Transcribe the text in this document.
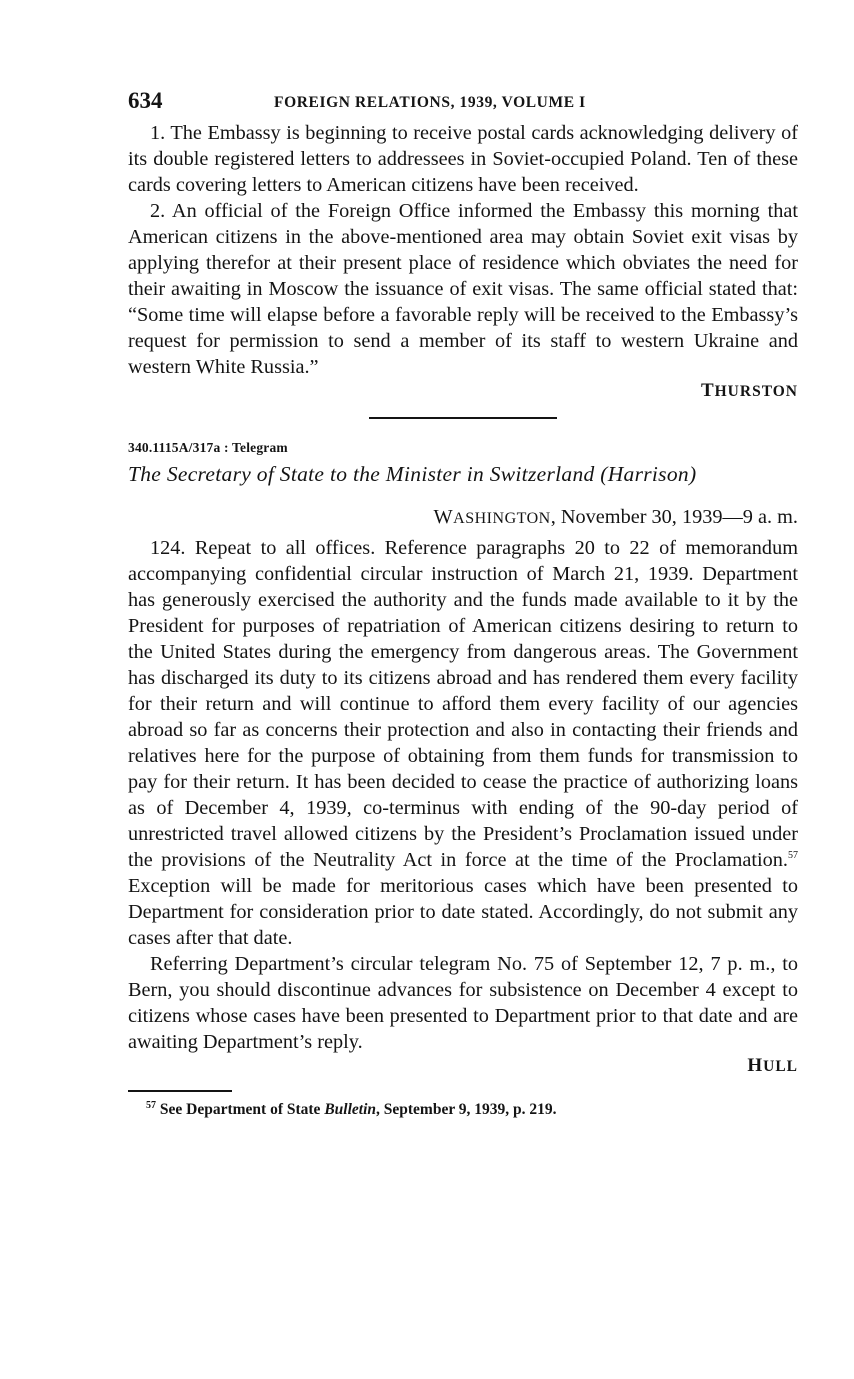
634	FOREIGN RELATIONS, 1939, VOLUME I

1. The Embassy is beginning to receive postal cards acknowledging delivery of its double registered letters to addressees in Soviet-occupied Poland. Ten of these cards covering letters to American citizens have been received.

2. An official of the Foreign Office informed the Embassy this morning that American citizens in the above-mentioned area may obtain Soviet exit visas by applying therefor at their present place of residence which obviates the need for their awaiting in Moscow the issuance of exit visas. The same official stated that: “Some time will elapse before a favorable reply will be received to the Embassy’s request for permission to send a member of its staff to western Ukraine and western White Russia.”

THURSTON

340.1115A/317a : Telegram

The Secretary of State to the Minister in Switzerland (Harrison)

WASHINGTON, November 30, 1939—9 a. m.

124. Repeat to all offices. Reference paragraphs 20 to 22 of memorandum accompanying confidential circular instruction of March 21, 1939. Department has generously exercised the authority and the funds made available to it by the President for purposes of repatriation of American citizens desiring to return to the United States during the emergency from dangerous areas. The Government has discharged its duty to its citizens abroad and has rendered them every facility for their return and will continue to afford them every facility of our agencies abroad so far as concerns their protection and also in contacting their friends and relatives here for the purpose of obtaining from them funds for transmission to pay for their return. It has been decided to cease the practice of authorizing loans as of December 4, 1939, co-terminus with ending of the 90-day period of unrestricted travel allowed citizens by the President’s Proclamation issued under the provisions of the Neutrality Act in force at the time of the Proclamation.$^{57}$ Exception will be made for meritorious cases which have been presented to Department for consideration prior to date stated. Accordingly, do not submit any cases after that date.

Referring Department’s circular telegram No. 75 of September 12, 7 p. m., to Bern, you should discontinue advances for subsistence on December 4 except to citizens whose cases have been presented to Department prior to that date and are awaiting Department’s reply.

HULL

$^{57}$ See Department of State Bulletin, September 9, 1939, p. 219.
